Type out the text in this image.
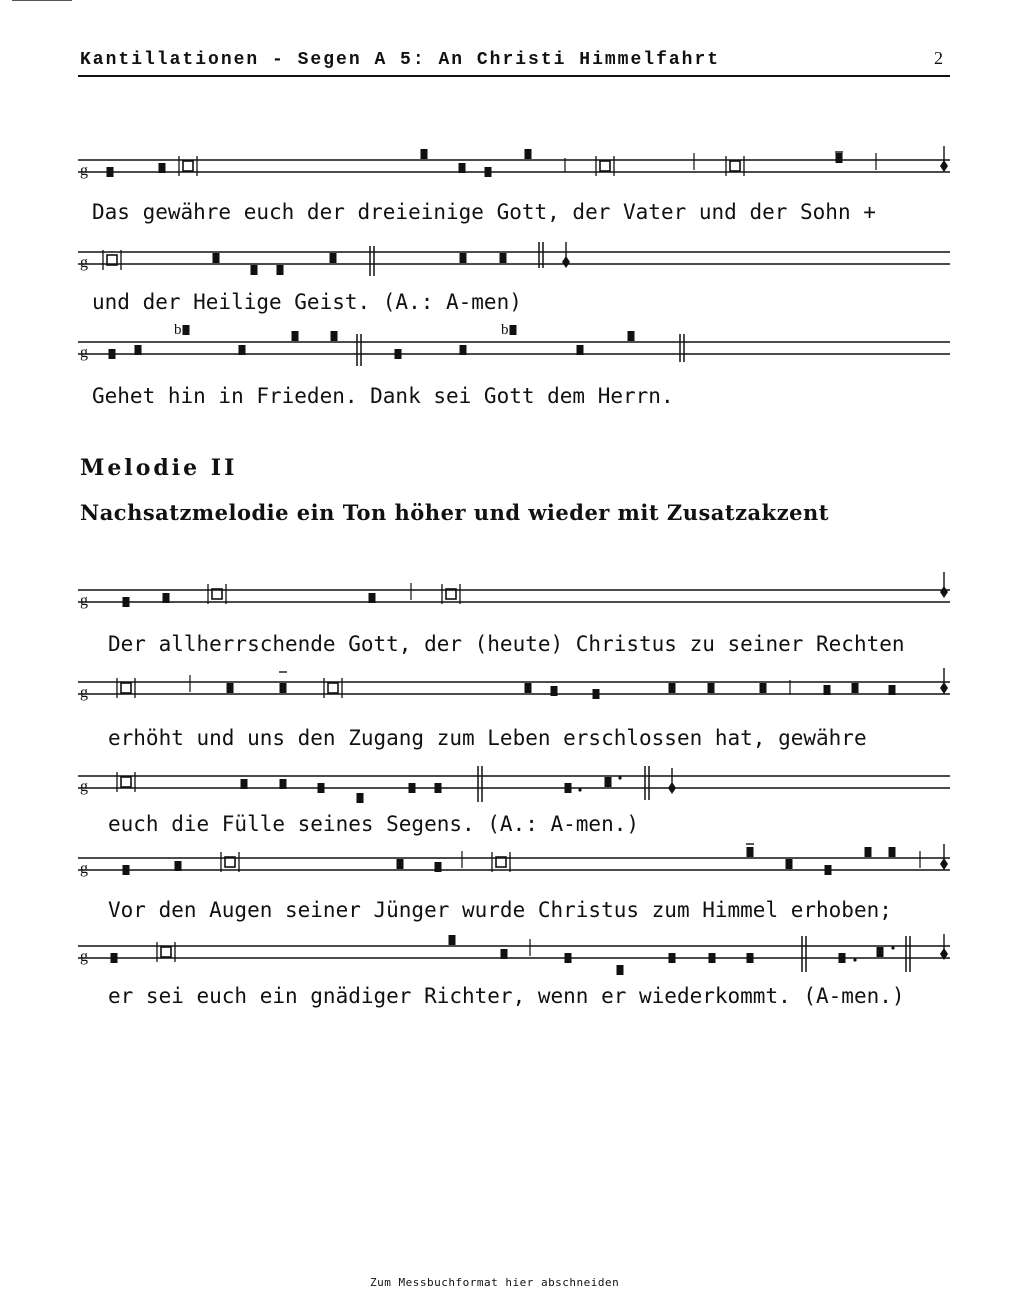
Kantillationen - Segen A 5: An Christi Himmelfahrt	2
g
Das gewähre euch der dreieinige Gott, der Vater und der Sohn +
g
und der Heilige Geist. (A.: A-men)
g
b	b
Gehet hin in Frieden. Dank sei Gott dem Herrn.
Melodie II
Nachsatzmelodie ein Ton höher und wieder mit Zusatzakzent
g
Der allherrschende Gott, der (heute) Christus zu seiner Rechten
g
erhöht und uns den Zugang zum Leben erschlossen hat, gewähre
g
euch die Fülle seines Segens. (A.: A-men.)
g
Vor den Augen seiner Jünger wurde Christus zum Himmel erhoben;
g
er sei euch ein gnädiger Richter, wenn er wiederkommt. (A-men.)
Zum Messbuchformat hier abschneiden
